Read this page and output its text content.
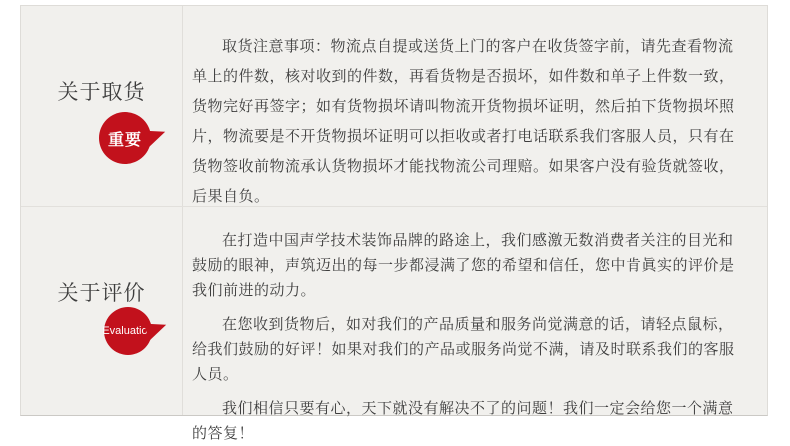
关于取货
重要

取货注意事项：物流点自提或送货上门的客户在收货签字前，请先查看物流单上的件数，核对收到的件数，再看货物是否损坏，如件数和单子上件数一致，货物完好再签字；如有货物损坏请叫物流开货物损坏证明，然后拍下货物损坏照片，物流要是不开货物损坏证明可以拒收或者打电话联系我们客服人员，只有在货物签收前物流承认货物损坏才能找物流公司理赔。如果客户没有验货就签收，后果自负。

关于评价
Evaluation

在打造中国声学技术装饰品牌的路途上，我们感激无数消费者关注的目光和鼓励的眼神，声筑迈出的每一步都浸满了您的希望和信任，您中肯眞实的评价是我们前进的动力。

在您收到货物后，如对我们的产品质量和服务尚觉满意的话，请轻点鼠标，给我们鼓励的好评！如果对我们的产品或服务尚觉不满，请及时联系我们的客服人员。

我们相信只要有心，天下就没有解决不了的问题！我们一定会给您一个满意的答复！
